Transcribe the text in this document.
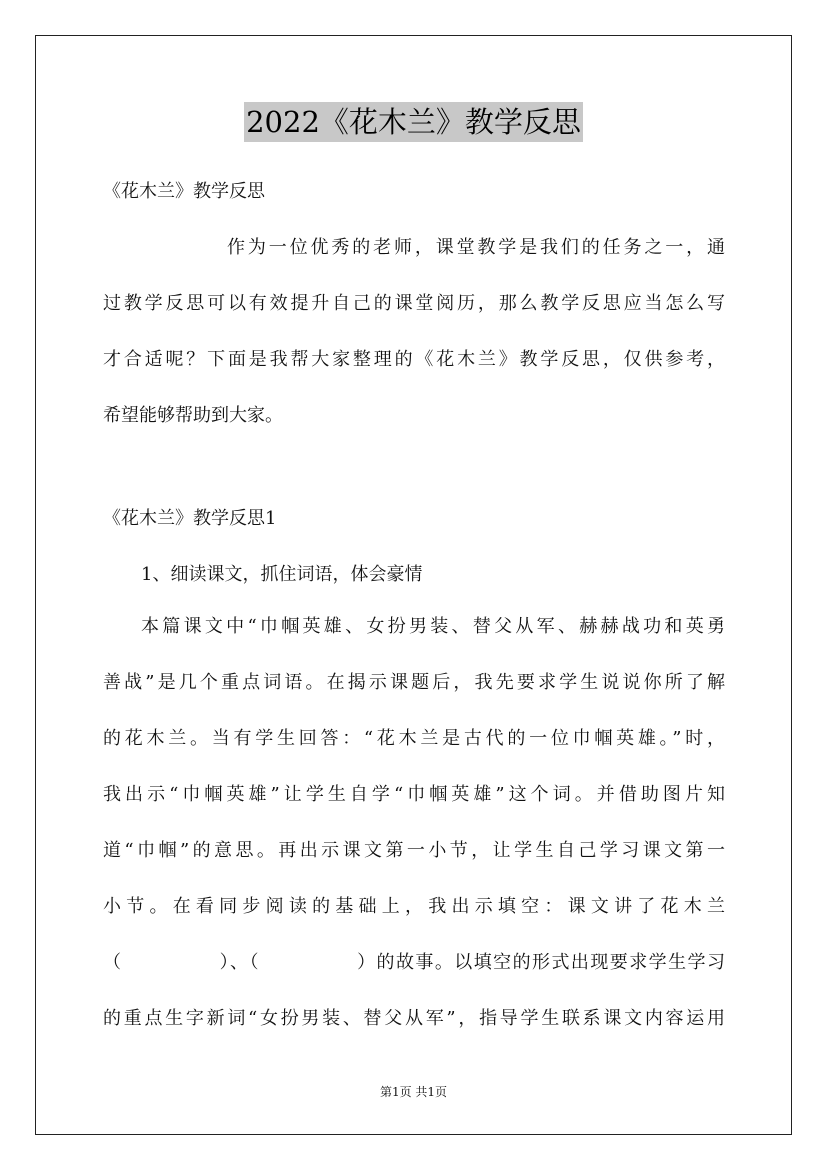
2022《花木兰》教学反思
《花木兰》教学反思
作为一位优秀的老师，课堂教学是我们的任务之一，通
过教学反思可以有效提升自己的课堂阅历，那么教学反思应当怎么写
才合适呢？下面是我帮大家整理的《花木兰》教学反思，仅供参考，
希望能够帮助到大家。
《花木兰》教学反思1
1、细读课文，抓住词语，体会豪情
本篇课文中“巾帼英雄、女扮男装、替父从军、赫赫战功和英勇
善战”是几个重点词语。在揭示课题后，我先要求学生说说你所了解
的花木兰。当有学生回答：“花木兰是古代的一位巾帼英雄。”时，
我出示“巾帼英雄”让学生自学“巾帼英雄”这个词。并借助图片知
道“巾帼”的意思。再出示课文第一小节，让学生自己学习课文第一
小节。在看同步阅读的基础上，我出示填空：课文讲了花木兰
（　　　　　）、（　　　　　）的故事。以填空的形式出现要求学生学习
的重点生字新词“女扮男装、替父从军”，指导学生联系课文内容运用
第1页 共1页
